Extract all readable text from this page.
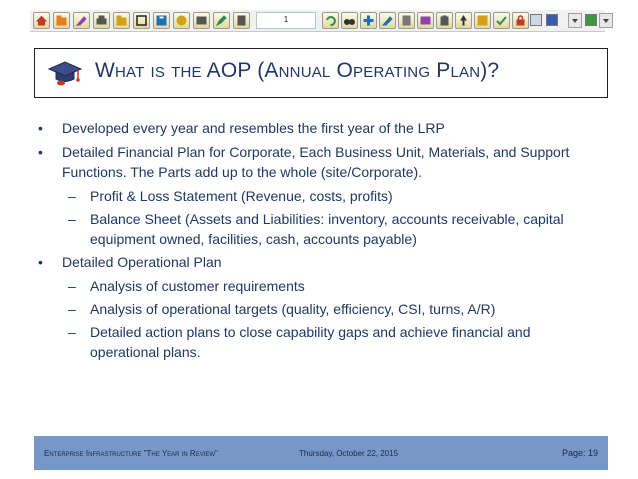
1
What is the AOP (Annual Operating Plan)?
• Developed every year and resembles the first year of the LRP
• Detailed Financial Plan for Corporate, Each Business Unit, Materials, and Support Functions. The Parts add up to the whole (site/Corporate).
– Profit & Loss Statement (Revenue, costs, profits)
– Balance Sheet (Assets and Liabilities: inventory, accounts receivable, capital equipment owned, facilities, cash, accounts payable)
• Detailed Operational Plan
– Analysis of customer requirements
– Analysis of operational targets (quality, efficiency, CSI, turns, A/R)
– Detailed action plans to close capability gaps and achieve financial and operational plans.
Enterprise Infrastructure "The Year in Review"	Thursday, October 22, 2015	Page: 19
